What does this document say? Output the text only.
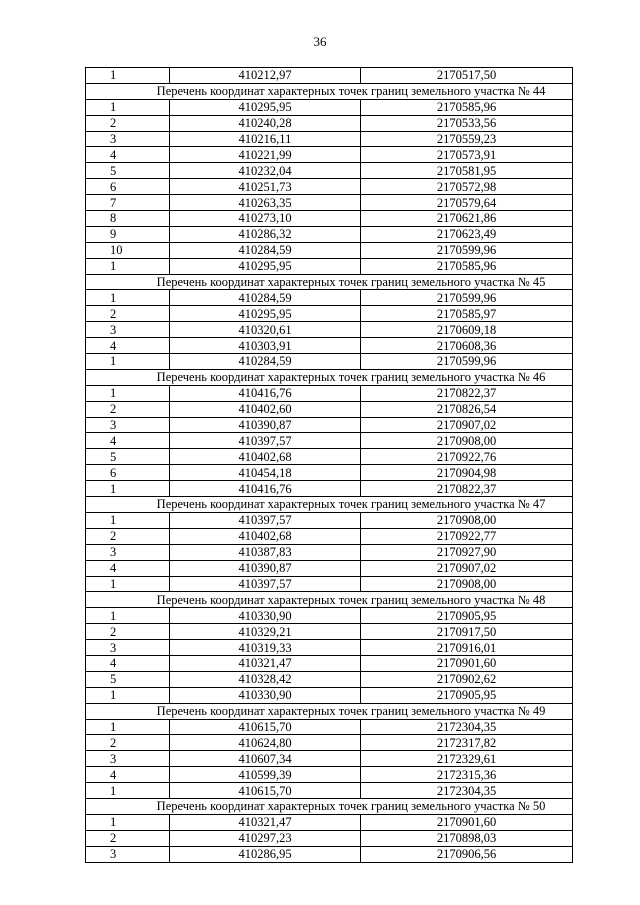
36
1	410212,97	2170517,50
Перечень координат характерных точек границ земельного участка № 44		
1	410295,95	2170585,96
2	410240,28	2170533,56
3	410216,11	2170559,23
4	410221,99	2170573,91
5	410232,04	2170581,95
6	410251,73	2170572,98
7	410263,35	2170579,64
8	410273,10	2170621,86
9	410286,32	2170623,49
10	410284,59	2170599,96
1	410295,95	2170585,96
Перечень координат характерных точек границ земельного участка № 45		
1	410284,59	2170599,96
2	410295,95	2170585,97
3	410320,61	2170609,18
4	410303,91	2170608,36
1	410284,59	2170599,96
Перечень координат характерных точек границ земельного участка № 46		
1	410416,76	2170822,37
2	410402,60	2170826,54
3	410390,87	2170907,02
4	410397,57	2170908,00
5	410402,68	2170922,76
6	410454,18	2170904,98
1	410416,76	2170822,37
Перечень координат характерных точек границ земельного участка № 47		
1	410397,57	2170908,00
2	410402,68	2170922,77
3	410387,83	2170927,90
4	410390,87	2170907,02
1	410397,57	2170908,00
Перечень координат характерных точек границ земельного участка № 48		
1	410330,90	2170905,95
2	410329,21	2170917,50
3	410319,33	2170916,01
4	410321,47	2170901,60
5	410328,42	2170902,62
1	410330,90	2170905,95
Перечень координат характерных точек границ земельного участка № 49		
1	410615,70	2172304,35
2	410624,80	2172317,82
3	410607,34	2172329,61
4	410599,39	2172315,36
1	410615,70	2172304,35
Перечень координат характерных точек границ земельного участка № 50		
1	410321,47	2170901,60
2	410297,23	2170898,03
3	410286,95	2170906,56
